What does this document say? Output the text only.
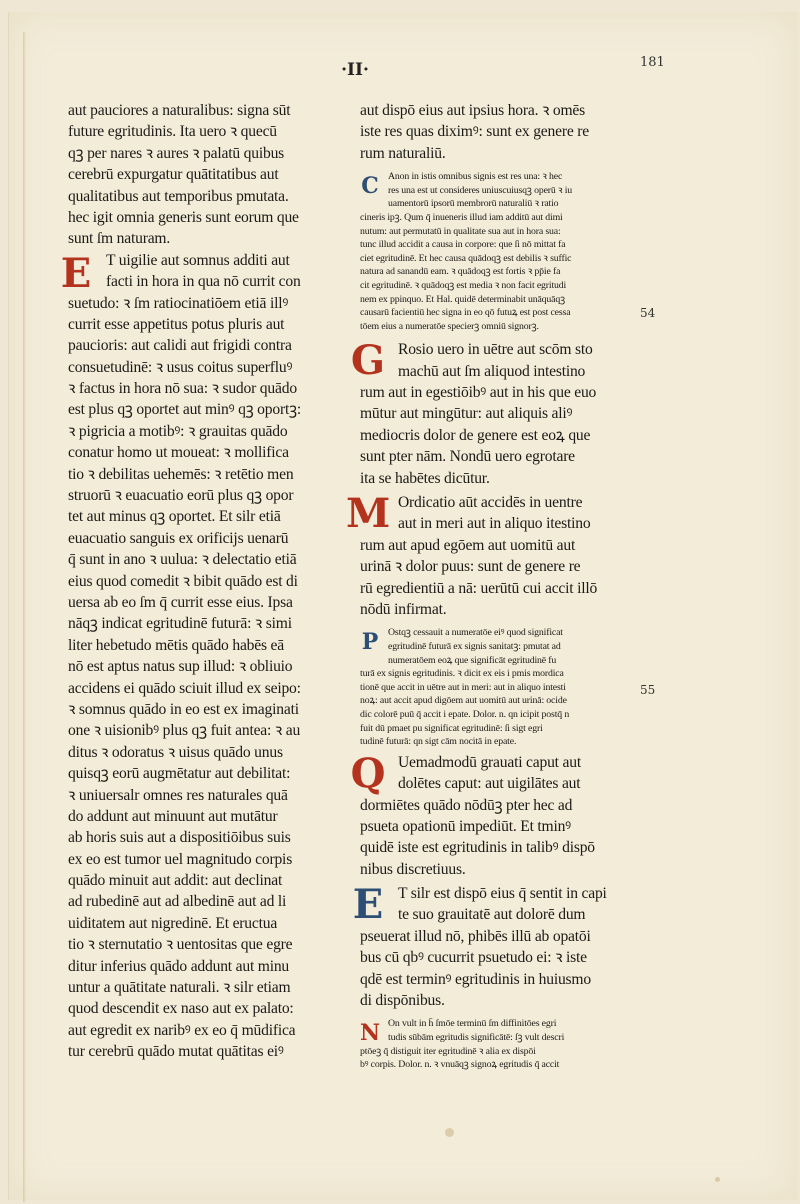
·II·	181
aut pauciores a naturalibus: signa sūt
future egritudinis. Ita uero ꝛ quecū
qꝫ per nares ꝛ aures ꝛ palatū quibus
cerebrū expurgatur quātitatibus aut
qualitatibus aut temporibus pmutata.
hec igit omnia generis sunt eorum que
sunt ſm naturam.
E T uigilie aut somnus additi aut
facti in hora in qua nō currit con
suetudo: ꝛ ſm ratiocinatiōem etiā illꝰ
currit esse appetitus potus pluris aut
paucioris: aut calidi aut frigidi contra
consuetudinē: ꝛ usus coitus superfluꝰ
ꝛ factus in hora nō sua: ꝛ sudor quādo
est plus qꝫ oportet aut minꝰ qꝫ oportꝫ:
ꝛ pigricia a motibꝰ: ꝛ grauitas quādo
conatur homo ut moueat: ꝛ mollifica
tio ꝛ debilitas uehemēs: ꝛ retētio men
struorū ꝛ euacuatio eorū plus qꝫ opor
tet aut minus qꝫ oportet. Et silr etiā
euacuatio sanguis ex orificijs uenarū
q̄ sunt in ano ꝛ uulua: ꝛ delectatio etiā
eius quod comedit ꝛ bibit quādo est di
uersa ab eo ſm q̄ currit esse eius. Ipsa
nāqꝫ indicat egritudinē futurā: ꝛ simi
liter hebetudo mētis quādo habēs eā
nō est aptus natus sup illud: ꝛ obliuio
accidens ei quādo sciuit illud ex seipo:
ꝛ somnus quādo in eo est ex imaginati
one ꝛ uisionibꝰ plus qꝫ fuit antea: ꝛ au
ditus ꝛ odoratus ꝛ uisus quādo unus
quisqꝫ eorū augmētatur aut debilitat:
ꝛ uniuersalr omnes res naturales quā
do addunt aut minuunt aut mutātur
ab horis suis aut a dispositiōibus suis
ex eo est tumor uel magnitudo corpis
quādo minuit aut addit: aut declinat
ad rubedinē aut ad albedinē aut ad li
uiditatem aut nigredinē. Et eructua
tio ꝛ sternutatio ꝛ uentositas que egre
ditur inferius quādo addunt aut minu
untur a quātitate naturali. ꝛ silr etiam
quod descendit ex naso aut ex palato:
aut egredit ex naribꝰ ex eo q̄ mūdifica
tur cerebrū quādo mutat quātitas eiꝰ
aut dispō eius aut ipsius hora. ꝛ omēs
iste res quas diximꝰ: sunt ex genere re
rum naturaliū.
C Anon in istis omnibus signis est res una: ꝛ hec
res una est ut consideres uniuscuiusqꝫ operū ꝛ iu
uamentorū ipsorū membrorū naturaliū ꝛ ratio
cineris ipꝫ. Qum q̄ inueneris illud iam additū aut dimi
nutum: aut permutatū in qualitate sua aut in hora sua:
tunc illud accidit a causa in corpore: que ſi nō mittat fa
ciet egritudinē. Et hec causa quādoqꝫ est debilis ꝛ suffic
natura ad sanandū eam. ꝛ quādoqꝫ est fortis ꝛ pp̄ie fa
cit egritudinē. ꝛ quādoqꝫ est media ꝛ non facit egritudi
nem ex ppinquo. Et Hal. quidē determinabit unāquāqꝫ
causarū facientiū hec signa in eo qō futuꝝ est post cessa
tōem eius a numeratōe specierꝫ omniū signorꝫ.
G Rosio uero in uētre aut scōm sto
machū aut ſm aliquod intestino
rum aut in egestiōibꝰ aut in his que euo
mūtur aut mingūtur: aut aliquis aliꝰ
mediocris dolor de genere est eoꝝ que
sunt pter nām. Nondū uero egrotare
ita se habētes dicūtur.
M Ordicatio aūt accidēs in uentre
aut in meri aut in aliquo itestino
rum aut apud egōem aut uomitū aut
urinā ꝛ dolor puus: sunt de genere re
rū egredientiū a nā: uerūtū cui accit illō
nōdū infirmat.
P Ostqꝫ cessauit a numeratōe eiꝰ quod significat
egritudinē futurā ex signis sanitatꝫ: pmutat ad
numeratōem eoꝝ que significāt egritudinē fu
turā ex signis egritudinis. ꝛ dicit ex eis i pmis mordica
tionē que accit in uētre aut in meri: aut in aliquo intesti
noꝝ: aut accit apud digōem aut uomitū aut urinā: ocide
dic colorē puū q̄ accit i epate. Dolor. n. qn icipit postq̄ n
fuit dū pmaet pu significat egritudinē: ſi sigt egri
tudinē futurā: qn sigt cām nocitā in epate.
Q Uemadmodū grauati caput aut
dolētes caput: aut uigilātes aut
dormiētes quādo nōdūꝫ pter hec ad
psueta opationū impediūt. Et tminꝰ
quidē iste est egritudinis in talibꝰ dispō
nibus discretiuus.
E T silr est dispō eius q̄ sentit in capi
te suo grauitatē aut dolorē dum
pseuerat illud nō, phibēs illū ab opatōi
bus cū qbꝰ cucurrit psuetudo ei: ꝛ iste
qdē est terminꝰ egritudinis in huiusmo
di dispōnibus.
N On vult in h̄ ſmōe terminū ſm diffinitōes egri
tudis sūbām egritudis significātē: ſꝫ vult descri
ptōeꝫ q̄ distiguit iter egritudinē ꝛ alia ex dispōi
bꝰ corpis. Dolor. n. ꝛ vnuāqꝫ signoꝝ egritudis q̄ accit
54
55
